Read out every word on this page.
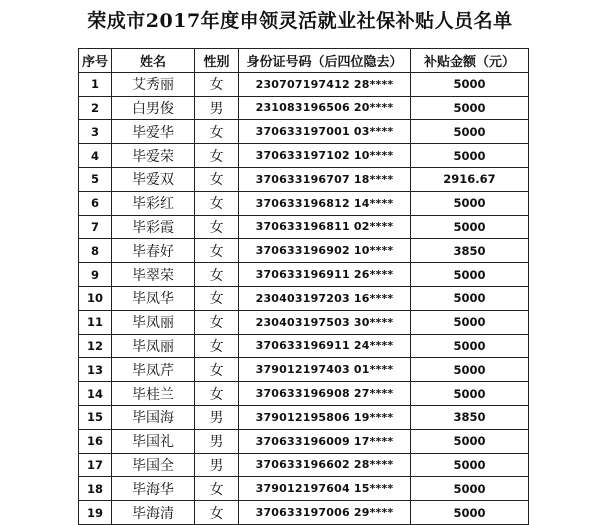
荣成市2017年度申领灵活就业社保补贴人员名单
序号	姓名	性别	身份证号码（后四位隐去）	补贴金额（元）
1	艾秀丽	女	230707197412 28****	5000
2	白男俊	男	231083196506 20****	5000
3	毕爱华	女	370633197001 03****	5000
4	毕爱荣	女	370633197102 10****	5000
5	毕爱双	女	370633196707 18****	2916.67
6	毕彩红	女	370633196812 14****	5000
7	毕彩霞	女	370633196811 02****	5000
8	毕春好	女	370633196902 10****	3850
9	毕翠荣	女	370633196911 26****	5000
10	毕凤华	女	230403197203 16****	5000
11	毕凤丽	女	230403197503 30****	5000
12	毕凤丽	女	370633196911 24****	5000
13	毕凤芹	女	379012197403 01****	5000
14	毕桂兰	女	370633196908 27****	5000
15	毕国海	男	379012195806 19****	3850
16	毕国礼	男	370633196009 17****	5000
17	毕国全	男	370633196602 28****	5000
18	毕海华	女	379012197604 15****	5000
19	毕海清	女	370633197006 29****	5000
